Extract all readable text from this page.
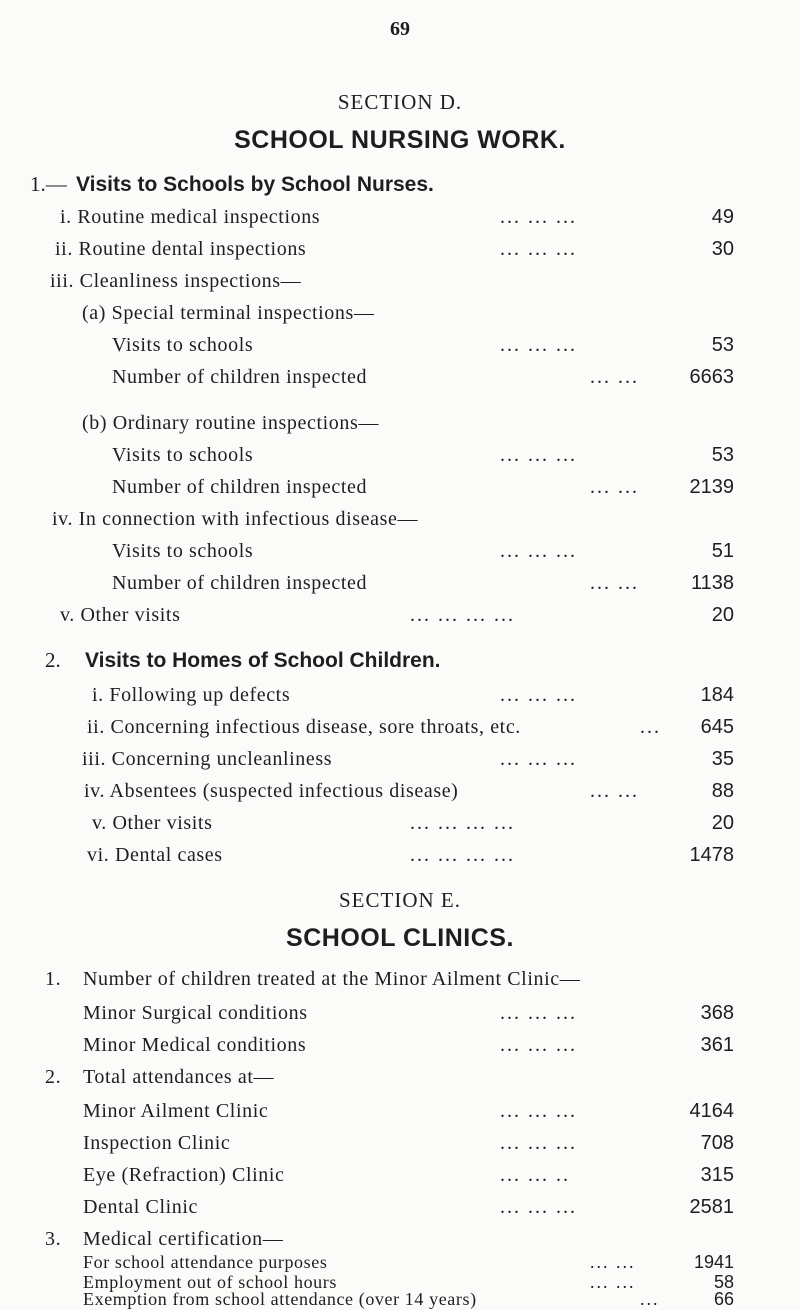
69
SECTION D.
SCHOOL NURSING WORK.
1.— Visits to Schools by School Nurses.
i. Routine medical inspections	... ... ...	49
ii. Routine dental inspections	... ... ...	30
iii. Cleanliness inspections—
(a) Special terminal inspections—
Visits to schools	... ... ...	53
Number of children inspected	... ...	6663
(b) Ordinary routine inspections—
Visits to schools	... ... ...	53
Number of children inspected	... ...	2139
iv. In connection with infectious disease—
Visits to schools	... ... ...	51
Number of children inspected	... ...	1138
v. Other visits	... ... ... ...	20
2. Visits to Homes of School Children.
i. Following up defects	... ... ...	184
ii. Concerning infectious disease, sore throats, etc.	... 645
iii. Concerning uncleanliness	... ... ...	35
iv. Absentees (suspected infectious disease)	... ...	88
v. Other visits	... ... ... ...	20
vi. Dental cases	... ... ... ...	1478
SECTION E.
SCHOOL CLINICS.
1. Number of children treated at the Minor Ailment Clinic—
Minor Surgical conditions	... ... ...	368
Minor Medical conditions	... ... ...	361
2. Total attendances at—
Minor Ailment Clinic	... ... ...	4164
Inspection Clinic	... ... ...	708
Eye (Refraction) Clinic	... ... ..	315
Dental Clinic	... ... ...	2581
3. Medical certification—
For school attendance purposes	... ...	1941
Employment out of school hours	... ...	58
Exemption from school attendance (over 14 years)	...	66
